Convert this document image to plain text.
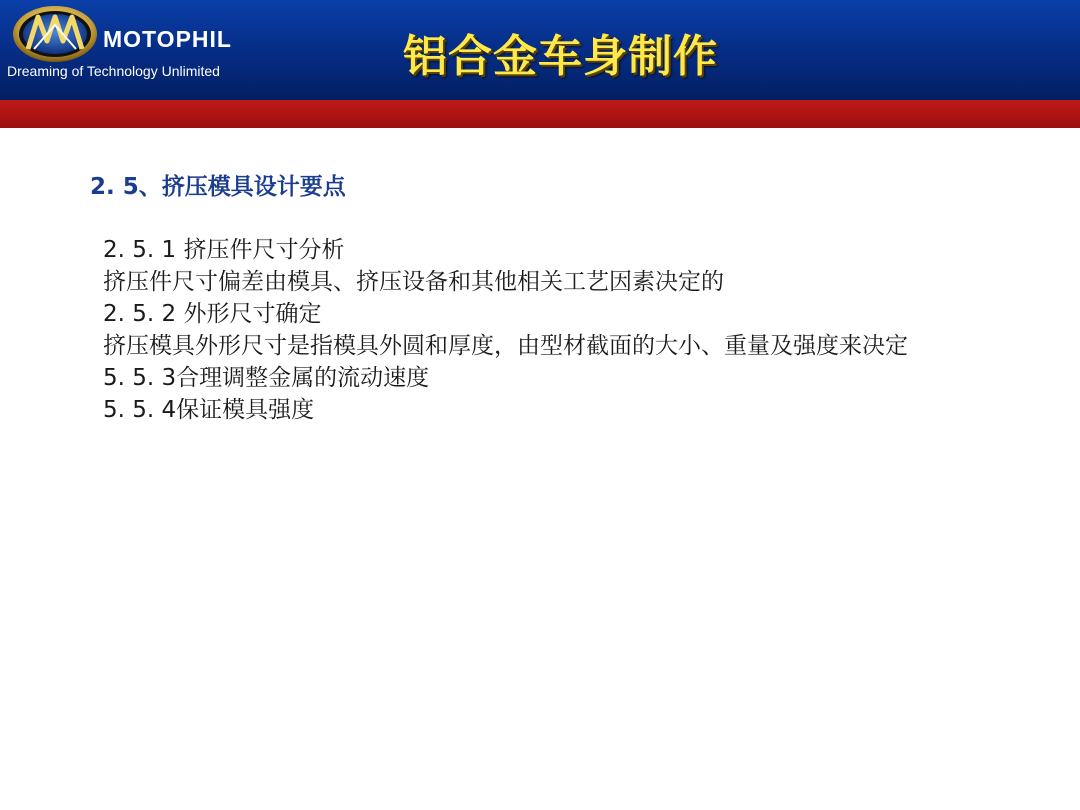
MOTOPHIL
Dreaming of Technology Unlimited	铝合金车身制作
2. 5、挤压模具设计要点
2. 5. 1 挤压件尺寸分析
挤压件尺寸偏差由模具、挤压设备和其他相关工艺因素决定的
2. 5. 2 外形尺寸确定
挤压模具外形尺寸是指模具外圆和厚度，由型材截面的大小、重量及强度来决定
5. 5. 3合理调整金属的流动速度
5. 5. 4保证模具强度
